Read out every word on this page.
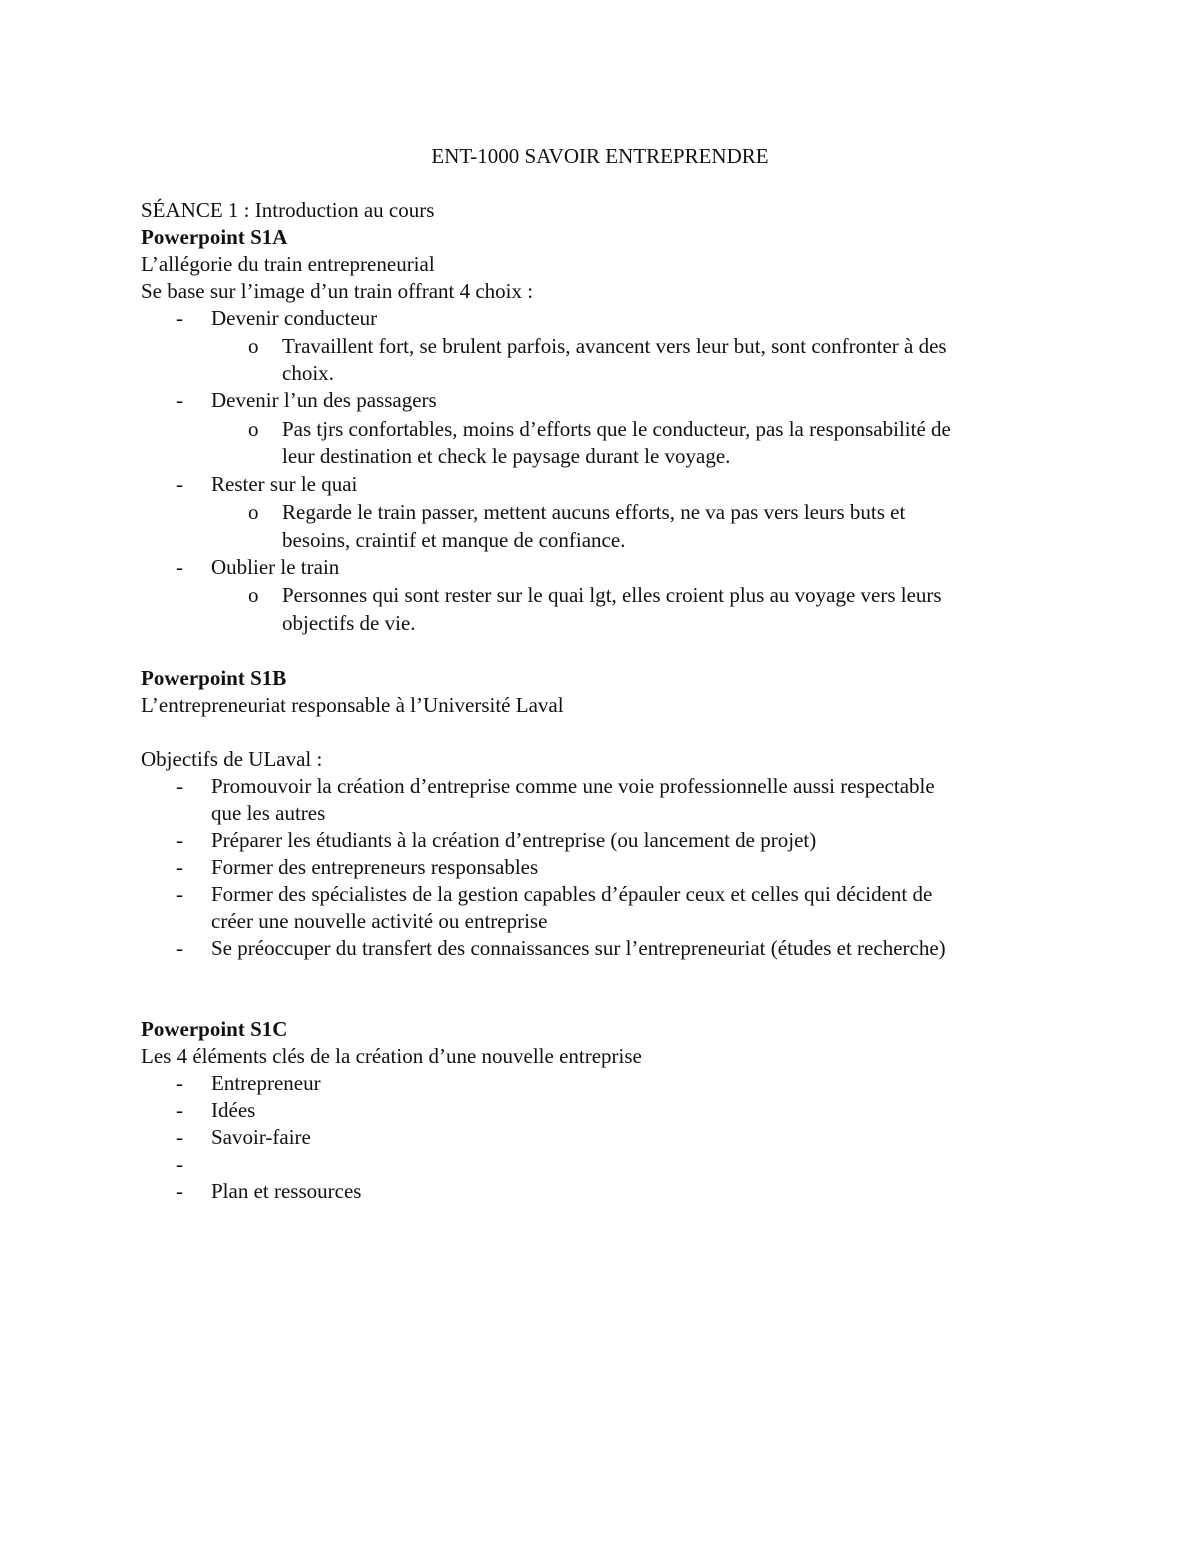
ENT-1000 SAVOIR ENTREPRENDRE
SÉANCE 1 : Introduction au cours
Powerpoint S1A
L’allégorie du train entrepreneurial
Se base sur l’image d’un train offrant 4 choix :
- Devenir conducteur
o Travaillent fort, se brulent parfois, avancent vers leur but, sont confronter à des
choix.
- Devenir l’un des passagers
o Pas tjrs confortables, moins d’efforts que le conducteur, pas la responsabilité de
leur destination et check le paysage durant le voyage.
- Rester sur le quai
o Regarde le train passer, mettent aucuns efforts, ne va pas vers leurs buts et
besoins, craintif et manque de confiance.
- Oublier le train
o Personnes qui sont rester sur le quai lgt, elles croient plus au voyage vers leurs
objectifs de vie.
Powerpoint S1B
L’entrepreneuriat responsable à l’Université Laval
Objectifs de ULaval :
- Promouvoir la création d’entreprise comme une voie professionnelle aussi respectable
que les autres
- Préparer les étudiants à la création d’entreprise (ou lancement de projet)
- Former des entrepreneurs responsables
- Former des spécialistes de la gestion capables d’épauler ceux et celles qui décident de
créer une nouvelle activité ou entreprise
- Se préoccuper du transfert des connaissances sur l’entrepreneuriat (études et recherche)
Powerpoint S1C
Les 4 éléments clés de la création d’une nouvelle entreprise
- Entrepreneur
- Idées
- Savoir-faire
-
- Plan et ressources
